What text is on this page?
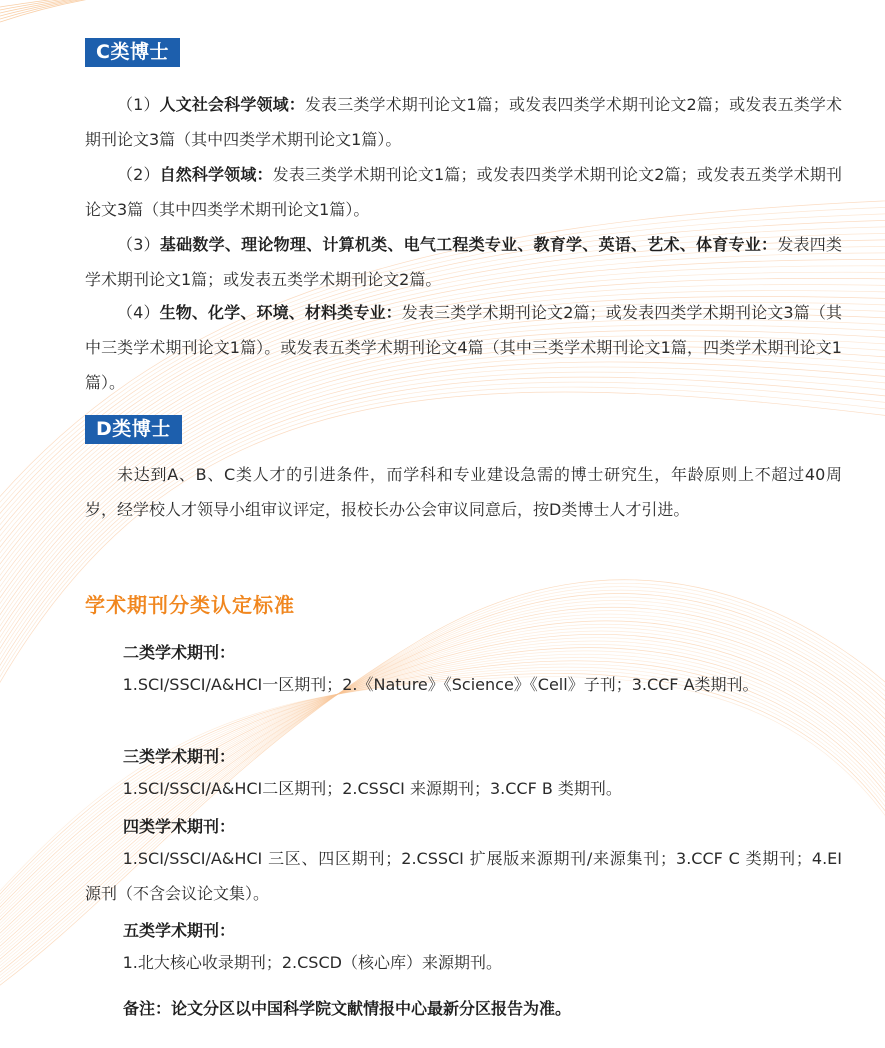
C类博士

（1）人文社会科学领域：发表三类学术期刊论文1篇；或发表四类学术期刊论文2篇；或发表五类学术期刊论文3篇（其中四类学术期刊论文1篇）。

（2）自然科学领域：发表三类学术期刊论文1篇；或发表四类学术期刊论文2篇；或发表五类学术期刊论文3篇（其中四类学术期刊论文1篇）。

（3）基础数学、理论物理、计算机类、电气工程类专业、教育学、英语、艺术、体育专业：发表四类学术期刊论文1篇；或发表五类学术期刊论文2篇。

（4）生物、化学、环境、材料类专业：发表三类学术期刊论文2篇；或发表四类学术期刊论文3篇（其中三类学术期刊论文1篇）。或发表五类学术期刊论文4篇（其中三类学术期刊论文1篇，四类学术期刊论文1篇）。

D类博士

未达到A、B、C类人才的引进条件，而学科和专业建设急需的博士研究生，年龄原则上不超过40周岁，经学校人才领导小组审议评定，报校长办公会审议同意后，按D类博士人才引进。

学术期刊分类认定标准
二类学术期刊：

1.SCI/SSCI/A&HCI一区期刊；2.《Nature》《Science》《Cell》子刊；3.CCF A类期刊。

三类学术期刊：

1.SCI/SSCI/A&HCI二区期刊；2.CSSCI 来源期刊；3.CCF B 类期刊。

四类学术期刊：

1.SCI/SSCI/A&HCI 三区、四区期刊；2.CSSCI 扩展版来源期刊/来源集刊；3.CCF C 类期刊；4.EI 源刊（不含会议论文集）。

五类学术期刊：

1.北大核心收录期刊；2.CSCD（核心库）来源期刊。

备注：论文分区以中国科学院文献情报中心最新分区报告为准。
